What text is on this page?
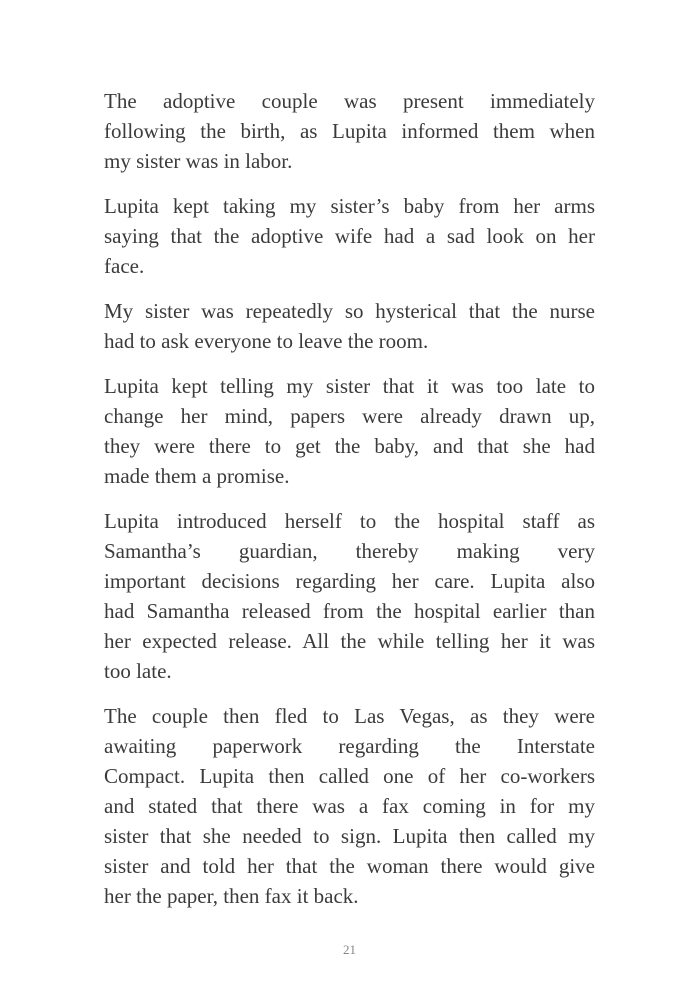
The adoptive couple was present immediately
following the birth, as Lupita informed them when
my sister was in labor.

Lupita kept taking my sister’s baby from her arms
saying that the adoptive wife had a sad look on her
face.

My sister was repeatedly so hysterical that the nurse
had to ask everyone to leave the room.

Lupita kept telling my sister that it was too late to
change her mind, papers were already drawn up,
they were there to get the baby, and that she had
made them a promise.

Lupita introduced herself to the hospital staff as
Samantha’s guardian, thereby making very
important decisions regarding her care. Lupita also
had Samantha released from the hospital earlier than
her expected release. All the while telling her it was
too late.

The couple then fled to Las Vegas, as they were
awaiting paperwork regarding the Interstate
Compact. Lupita then called one of her co-workers
and stated that there was a fax coming in for my
sister that she needed to sign. Lupita then called my
sister and told her that the woman there would give
her the paper, then fax it back.

21
